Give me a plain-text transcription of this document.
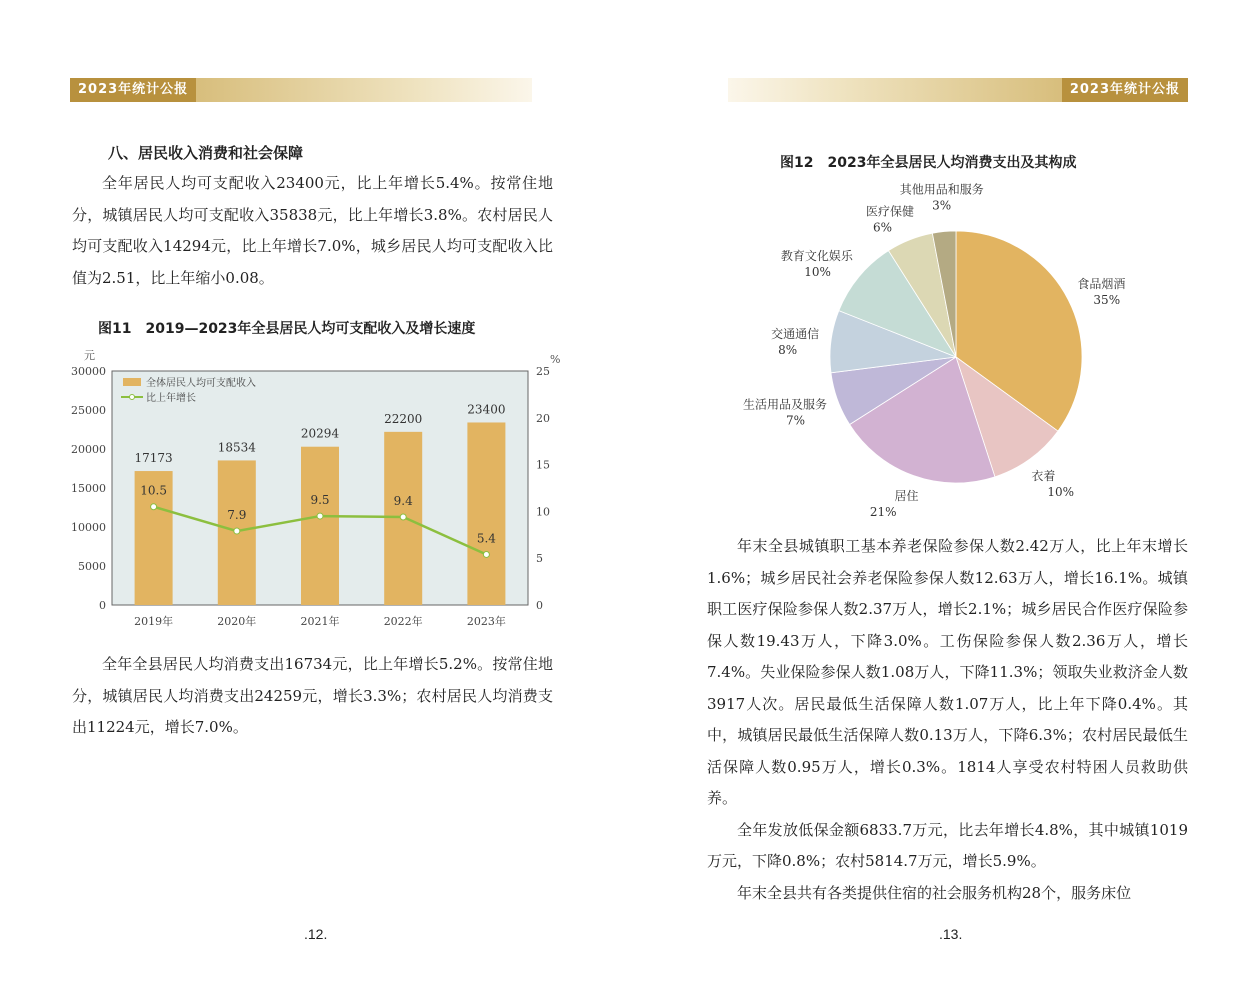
2023年统计公报
八、居民收入消费和社会保障

全年居民人均可支配收入23400元，比上年增长5.4%。按常住地分，城镇居民人均可支配收入35838元，比上年增长3.8%。农村居民人均可支配收入14294元，比上年增长7.0%，城乡居民人均可支配收入比值为2.51，比上年缩小0.08。

图11　2019—2023年全县居民人均可支配收入及增长速度
元	%
0
5000
10000
15000
20000
25000
30000
0
5
10
15
20
25
17173
2019年
18534
2020年
20294
2021年
22200
2022年
23400
2023年
10.5
7.9
9.5	9.4
5.4
全体居民人均可支配收入
比上年增长

全年全县居民人均消费支出16734元，比上年增长5.2%。按常住地分，城镇居民人均消费支出24259元，增长3.3%；农村居民人均消费支出11224元，增长7.0%。

.12.
2023年统计公报
图12　2023年全县居民人均消费支出及其构成
食品烟酒
35%
衣着
10%
居住
21%
生活用品及服务
7%
交通通信
8%
教育文化娱乐
10%
医疗保健
6%
其他用品和服务
3%

年末全县城镇职工基本养老保险参保人数2.42万人，比上年末增长1.6%；城乡居民社会养老保险参保人数12.63万人，增长16.1%。城镇职工医疗保险参保人数2.37万人，增长2.1%；城乡居民合作医疗保险参保人数19.43万人，下降3.0%。工伤保险参保人数2.36万人，增长7.4%。失业保险参保人数1.08万人，下降11.3%；领取失业救济金人数3917人次。居民最低生活保障人数1.07万人，比上年下降0.4%。其中，城镇居民最低生活保障人数0.13万人，下降6.3%；农村居民最低生活保障人数0.95万人，增长0.3%。1814人享受农村特困人员救助供养。

全年发放低保金额6833.7万元，比去年增长4.8%，其中城镇1019万元，下降0.8%；农村5814.7万元，增长5.9%。

年末全县共有各类提供住宿的社会服务机构28个，服务床位

.13.
